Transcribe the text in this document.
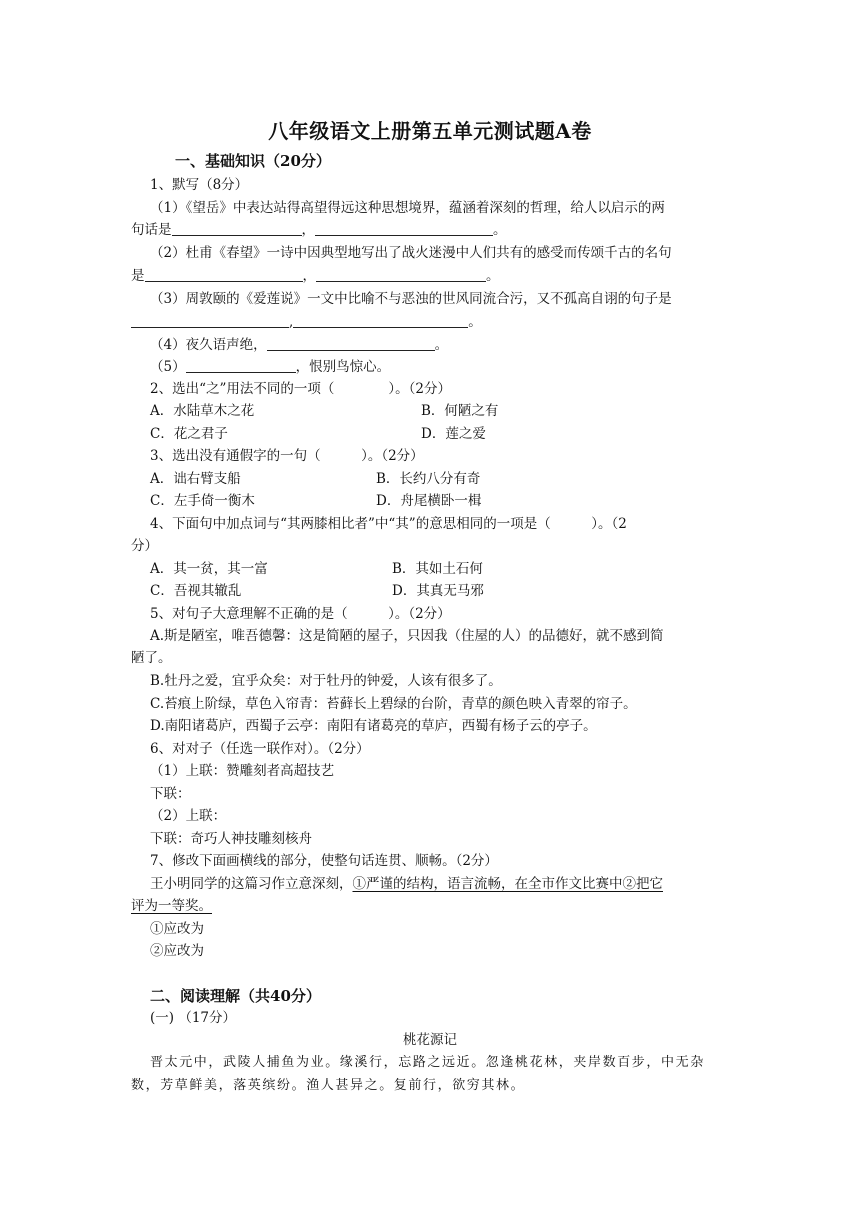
八年级语文上册第五单元测试题A卷
一、基础知识（20分）
1、默写（8分）
（1）《望岳》中表达站得高望得远这种思想境界，蕴涵着深刻的哲理，给人以启示的两
句话是	，	。
（2）杜甫《春望》一诗中因典型地写出了战火迷漫中人们共有的感受而传颂千古的名句
是	，	。
（3）周敦颐的《爱莲说》一文中比喻不与恶浊的世风同流合污，又不孤高自诩的句子是
,	。
（4）夜久语声绝，	。
（5）	，恨别鸟惊心。
2、选出“之”用法不同的一项（　　　　）。（2分）
A．水陆草木之花	B．何陋之有
C．花之君子	D．莲之爱
3、选出没有通假字的一句（　　　）。（2分）
A．诎右臂支船	B．长约八分有奇
C．左手倚一衡木	D．舟尾横卧一楫
4、下面句中加点词与“其两膝相比者”中“其”的意思相同的一项是（　　　）。（2
分）
A．其一贫，其一富	B．其如土石何
C．吾视其辙乱	D．其真无马邪
5、对句子大意理解不正确的是（　　　）。（2分）
A.斯是陋室，唯吾德馨：这是简陋的屋子，只因我（住屋的人）的品德好，就不感到简
陋了。
B.牡丹之爱，宜乎众矣：对于牡丹的钟爱，人该有很多了。
C.苔痕上阶绿，草色入帘青：苔藓长上碧绿的台阶，青草的颜色映入青翠的帘子。
D.南阳诸葛庐，西蜀子云亭：南阳有诸葛亮的草庐，西蜀有杨子云的亭子。
6、对对子（任选一联作对）。（2分）
（1）上联：赞雕刻者高超技艺
下联：
（2）上联：
下联：奇巧人神技雕刻核舟
7、修改下面画横线的部分，使整句话连贯、顺畅。（2分）
王小明同学的这篇习作立意深刻，①严谨的结构，语言流畅，在全市作文比赛中②把它
评为一等奖。
①应改为
②应改为
二、阅读理解（共40分）
(一) （17分）
桃花源记
晋太元中，武陵人捕鱼为业。缘溪行，忘路之远近。忽逢桃花林，夹岸数百步，中无杂
数，芳草鲜美，落英缤纷。渔人甚异之。复前行，欲穷其林。
